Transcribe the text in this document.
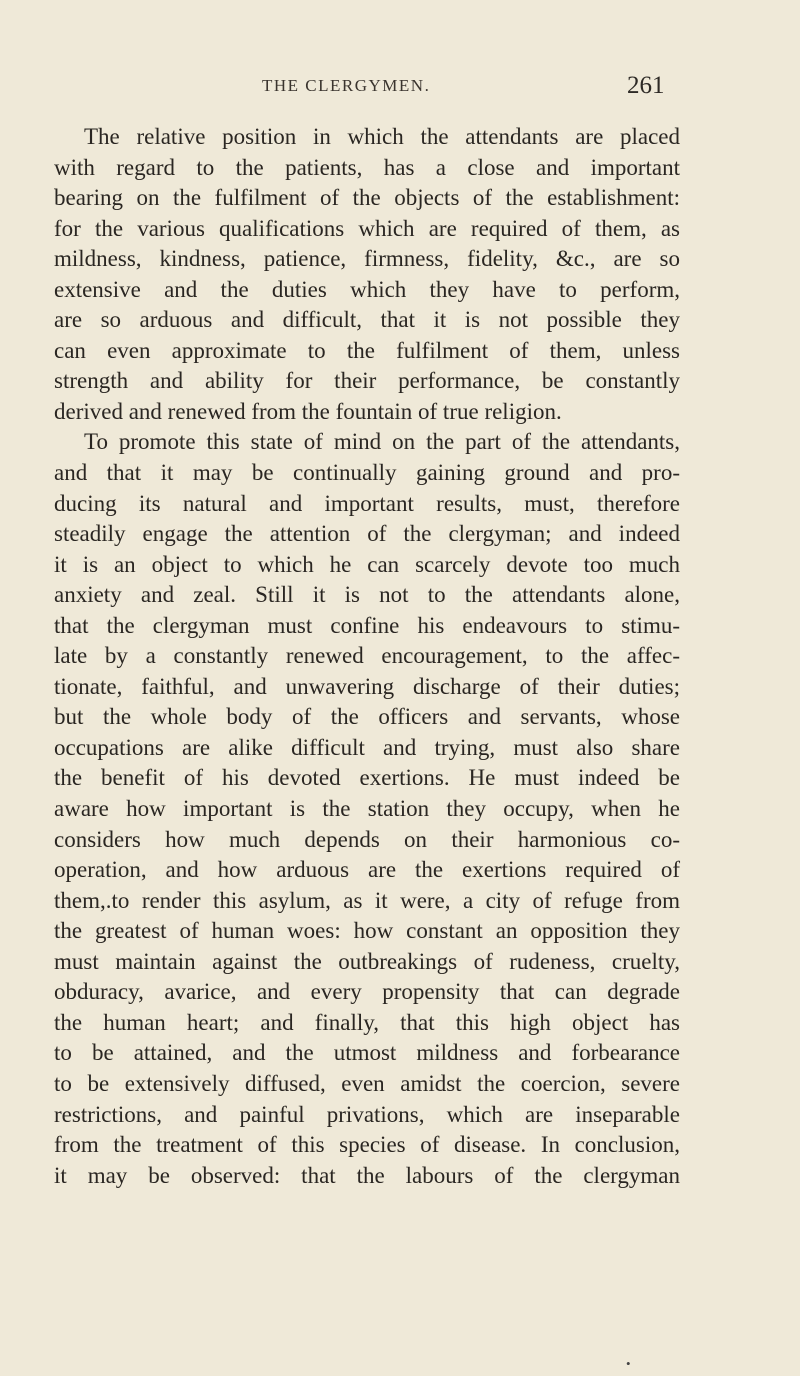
THE CLERGYMEN.	261
The relative position in which the attendants are placed
with regard to the patients, has a close and important
bearing on the fulfilment of the objects of the establishment:
for the various qualifications which are required of them, as
mildness, kindness, patience, firmness, fidelity, &c., are so
extensive and the duties which they have to perform,
are so arduous and difficult, that it is not possible they
can even approximate to the fulfilment of them, unless
strength and ability for their performance, be constantly
derived and renewed from the fountain of true religion.
To promote this state of mind on the part of the attendants,
and that it may be continually gaining ground and pro-
ducing its natural and important results, must, therefore
steadily engage the attention of the clergyman; and indeed
it is an object to which he can scarcely devote too much
anxiety and zeal. Still it is not to the attendants alone,
that the clergyman must confine his endeavours to stimu-
late by a constantly renewed encouragement, to the affec-
tionate, faithful, and unwavering discharge of their duties;
but the whole body of the officers and servants, whose
occupations are alike difficult and trying, must also share
the benefit of his devoted exertions. He must indeed be
aware how important is the station they occupy, when he
considers how much depends on their harmonious co-
operation, and how arduous are the exertions required of
them,.to render this asylum, as it were, a city of refuge from
the greatest of human woes: how constant an opposition they
must maintain against the outbreakings of rudeness, cruelty,
obduracy, avarice, and every propensity that can degrade
the human heart; and finally, that this high object has
to be attained, and the utmost mildness and forbearance
to be extensively diffused, even amidst the coercion, severe
restrictions, and painful privations, which are inseparable
from the treatment of this species of disease. In conclusion,
it may be observed: that the labours of the clergyman
•
